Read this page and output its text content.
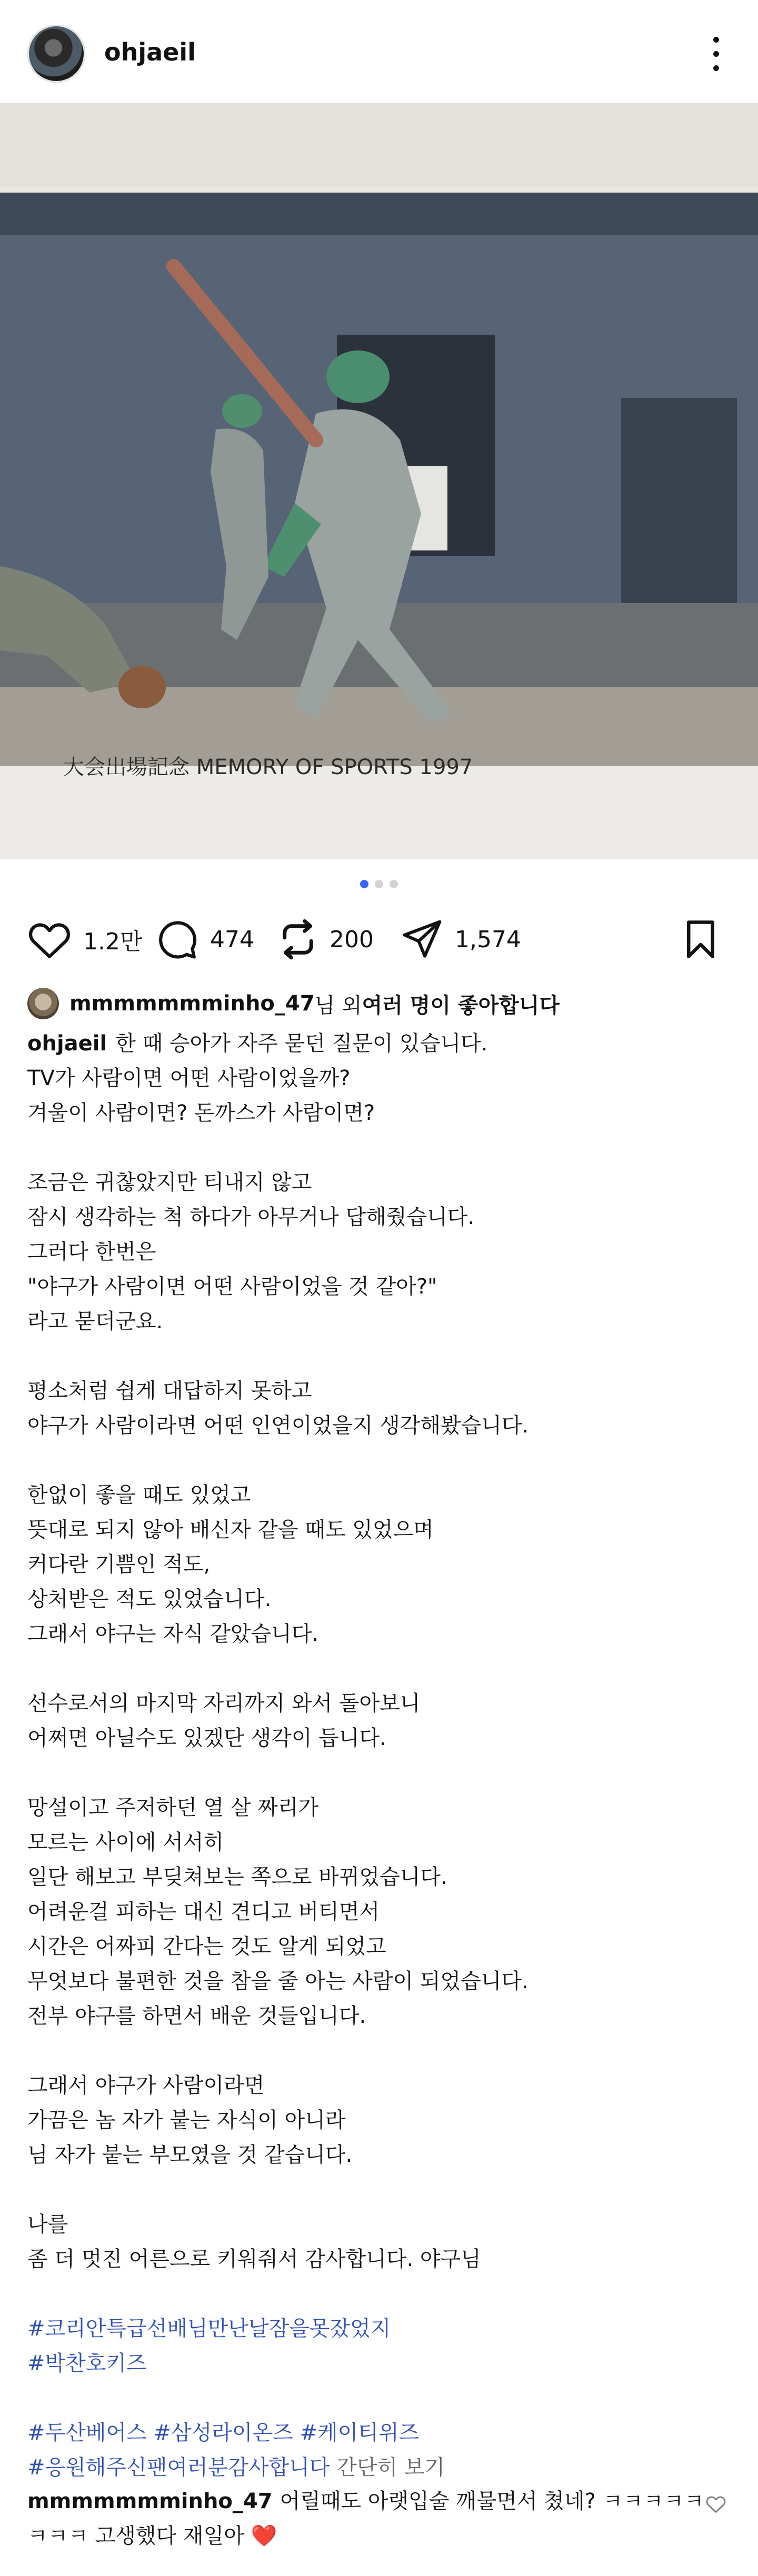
ohjaeil
大会出場記念 MEMORY OF SPORTS 1997
1.2만	474	200	1,574
mmmmmmminho_47 님 외 여러 명이 좋아합니다
ohjaeil 한 때 승아가 자주 묻던 질문이 있습니다.
TV가 사람이면 어떤 사람이었을까?
겨울이 사람이면? 돈까스가 사람이면?
조금은 귀찮았지만 티내지 않고
잠시 생각하는 척 하다가 아무거나 답해줬습니다.
그러다 한번은
"야구가 사람이면 어떤 사람이었을 것 같아?"
라고 묻더군요.
평소처럼 쉽게 대답하지 못하고
야구가 사람이라면 어떤 인연이었을지 생각해봤습니다.
한없이 좋을 때도 있었고
뜻대로 되지 않아 배신자 같을 때도 있었으며
커다란 기쁨인 적도,
상처받은 적도 있었습니다.
그래서 야구는 자식 같았습니다.
선수로서의 마지막 자리까지 와서 돌아보니
어쩌면 아닐수도 있겠단 생각이 듭니다.
망설이고 주저하던 열 살 짜리가
모르는 사이에 서서히
일단 해보고 부딪쳐보는 쪽으로 바뀌었습니다.
어려운걸 피하는 대신 견디고 버티면서
시간은 어짜피 간다는 것도 알게 되었고
무엇보다 불편한 것을 참을 줄 아는 사람이 되었습니다.
전부 야구를 하면서 배운 것들입니다.
그래서 야구가 사람이라면
가끔은 놈 자가 붙는 자식이 아니라
님 자가 붙는 부모였을 것 같습니다.
나를
좀 더 멋진 어른으로 키워줘서 감사합니다. 야구님
#코리안특급선배님만난날잠을못잤었지
#박찬호키즈
#두산베어스 #삼성라이온즈 #케이티위즈
#응원해주신팬여러분감사합니다 간단히 보기
mmmmmmminho_47 어릴때도 아랫입술 깨물면서 쳤네? ㅋㅋㅋㅋㅋ
ㅋㅋㅋ 고생했다 재일아 ❤️
